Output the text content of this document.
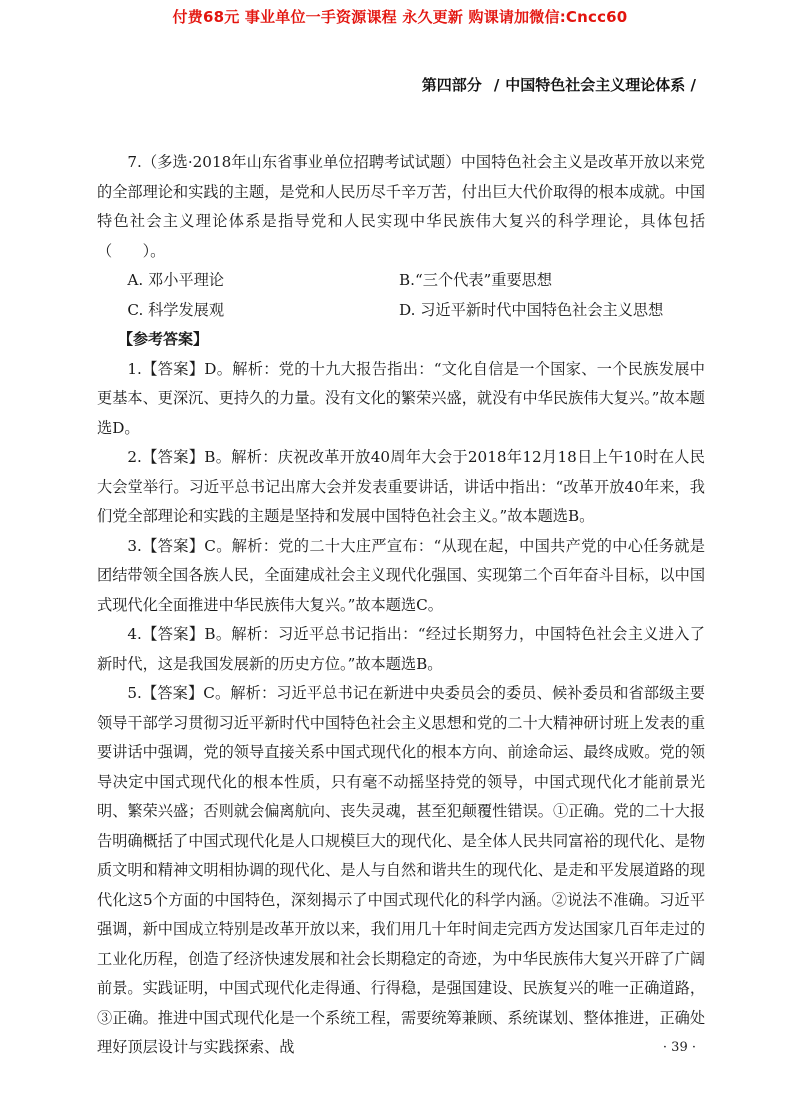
付费68元 事业单位一手资源课程 永久更新 购课请加微信:Cncc60
第四部分 / 中国特色社会主义理论体系 /

7.（多选·2018年山东省事业单位招聘考试试题）中国特色社会主义是改革开放以来党的全部理论和实践的主题，是党和人民历尽千辛万苦，付出巨大代价取得的根本成就。中国特色社会主义理论体系是指导党和人民实现中华民族伟大复兴的科学理论，具体包括（　　）。

A. 邓小平理论	B.“三个代表”重要思想
C. 科学发展观	D. 习近平新时代中国特色社会主义思想
【参考答案】

1.【答案】D。解析：党的十九大报告指出：“文化自信是一个国家、一个民族发展中更基本、更深沉、更持久的力量。没有文化的繁荣兴盛，就没有中华民族伟大复兴。”故本题选D。

2.【答案】B。解析：庆祝改革开放40周年大会于2018年12月18日上午10时在人民大会堂举行。习近平总书记出席大会并发表重要讲话，讲话中指出：“改革开放40年来，我们党全部理论和实践的主题是坚持和发展中国特色社会主义。”故本题选B。

3.【答案】C。解析：党的二十大庄严宣布：“从现在起，中国共产党的中心任务就是团结带领全国各族人民，全面建成社会主义现代化强国、实现第二个百年奋斗目标，以中国式现代化全面推进中华民族伟大复兴。”故本题选C。

4.【答案】B。解析：习近平总书记指出：“经过长期努力，中国特色社会主义进入了新时代，这是我国发展新的历史方位。”故本题选B。

5.【答案】C。解析：习近平总书记在新进中央委员会的委员、候补委员和省部级主要领导干部学习贯彻习近平新时代中国特色社会主义思想和党的二十大精神研讨班上发表的重要讲话中强调，党的领导直接关系中国式现代化的根本方向、前途命运、最终成败。党的领导决定中国式现代化的根本性质，只有毫不动摇坚持党的领导，中国式现代化才能前景光明、繁荣兴盛；否则就会偏离航向、丧失灵魂，甚至犯颠覆性错误。①正确。党的二十大报告明确概括了中国式现代化是人口规模巨大的现代化、是全体人民共同富裕的现代化、是物质文明和精神文明相协调的现代化、是人与自然和谐共生的现代化、是走和平发展道路的现代化这5个方面的中国特色，深刻揭示了中国式现代化的科学内涵。②说法不准确。习近平强调，新中国成立特别是改革开放以来，我们用几十年时间走完西方发达国家几百年走过的工业化历程，创造了经济快速发展和社会长期稳定的奇迹，为中华民族伟大复兴开辟了广阔前景。实践证明，中国式现代化走得通、行得稳，是强国建设、民族复兴的唯一正确道路，③正确。推进中国式现代化是一个系统工程，需要统筹兼顾、系统谋划、整体推进，正确处理好顶层设计与实践探索、战	· 39 ·
